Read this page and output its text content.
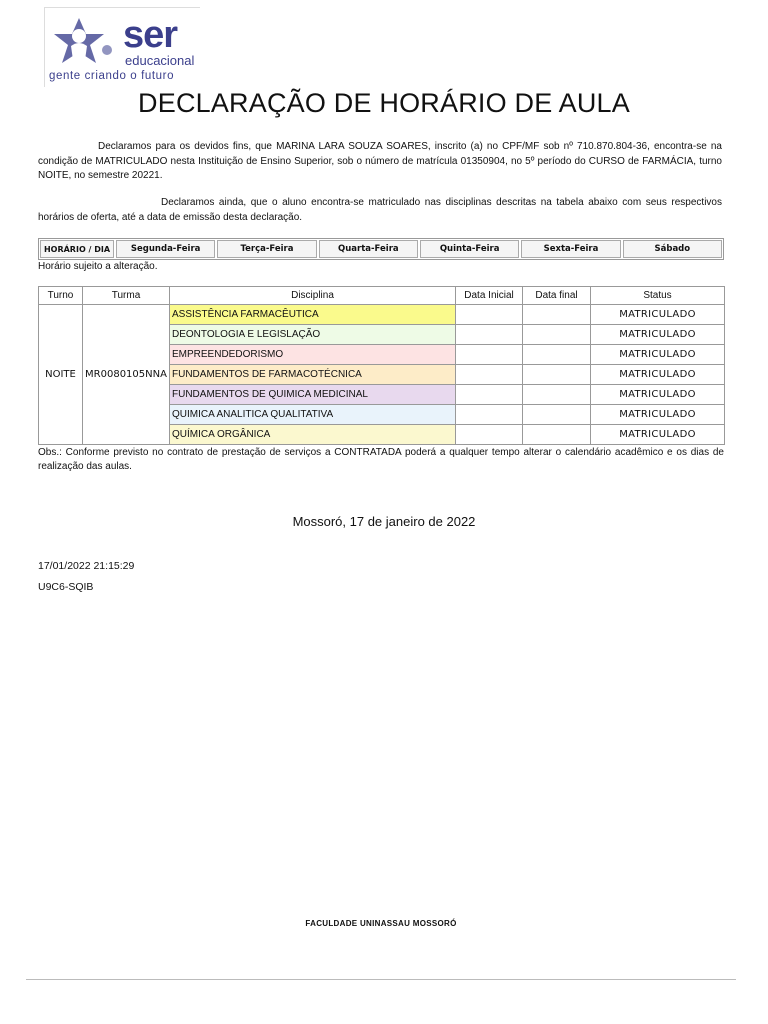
ser
educacional
gente criando o futuro
DECLARAÇÃO DE HORÁRIO DE AULA
Declaramos para os devidos fins, que MARINA LARA SOUZA SOARES, inscrito (a) no CPF/MF sob nº 710.870.804-36, encontra-se na condição de MATRICULADO nesta Instituição de Ensino Superior, sob o número de matrícula 01350904, no 5º período do CURSO de FARMÁCIA, turno NOITE, no semestre 20221.
Declaramos ainda, que o aluno encontra-se matriculado nas disciplinas descritas na tabela abaixo com seus respectivos horários de oferta, até a data de emissão desta declaração.
HORÁRIO / DIA	Segunda-Feira	Terça-Feira	Quarta-Feira	Quinta-Feira	Sexta-Feira	Sábado
Horário sujeito a alteração.
Turno	Turma	Disciplina	Data Inicial	Data final	Status
NOITE	MR0080105NNA	ASSISTÊNCIA FARMACÊUTICA			MATRICULADO
		DEONTOLOGIA E LEGISLAÇÃO			MATRICULADO
		EMPREENDEDORISMO			MATRICULADO
		FUNDAMENTOS DE FARMACOTÉCNICA			MATRICULADO
		FUNDAMENTOS DE QUIMICA MEDICINAL			MATRICULADO
		QUIMICA ANALITICA QUALITATIVA			MATRICULADO
		QUÍMICA ORGÂNICA			MATRICULADO
Obs.: Conforme previsto no contrato de prestação de serviços a CONTRATADA poderá a qualquer tempo alterar o calendário acadêmico e os dias de realização das aulas.
Mossoró, 17 de janeiro de 2022
17/01/2022 21:15:29
U9C6-SQIB
FACULDADE UNINASSAU MOSSORÓ
